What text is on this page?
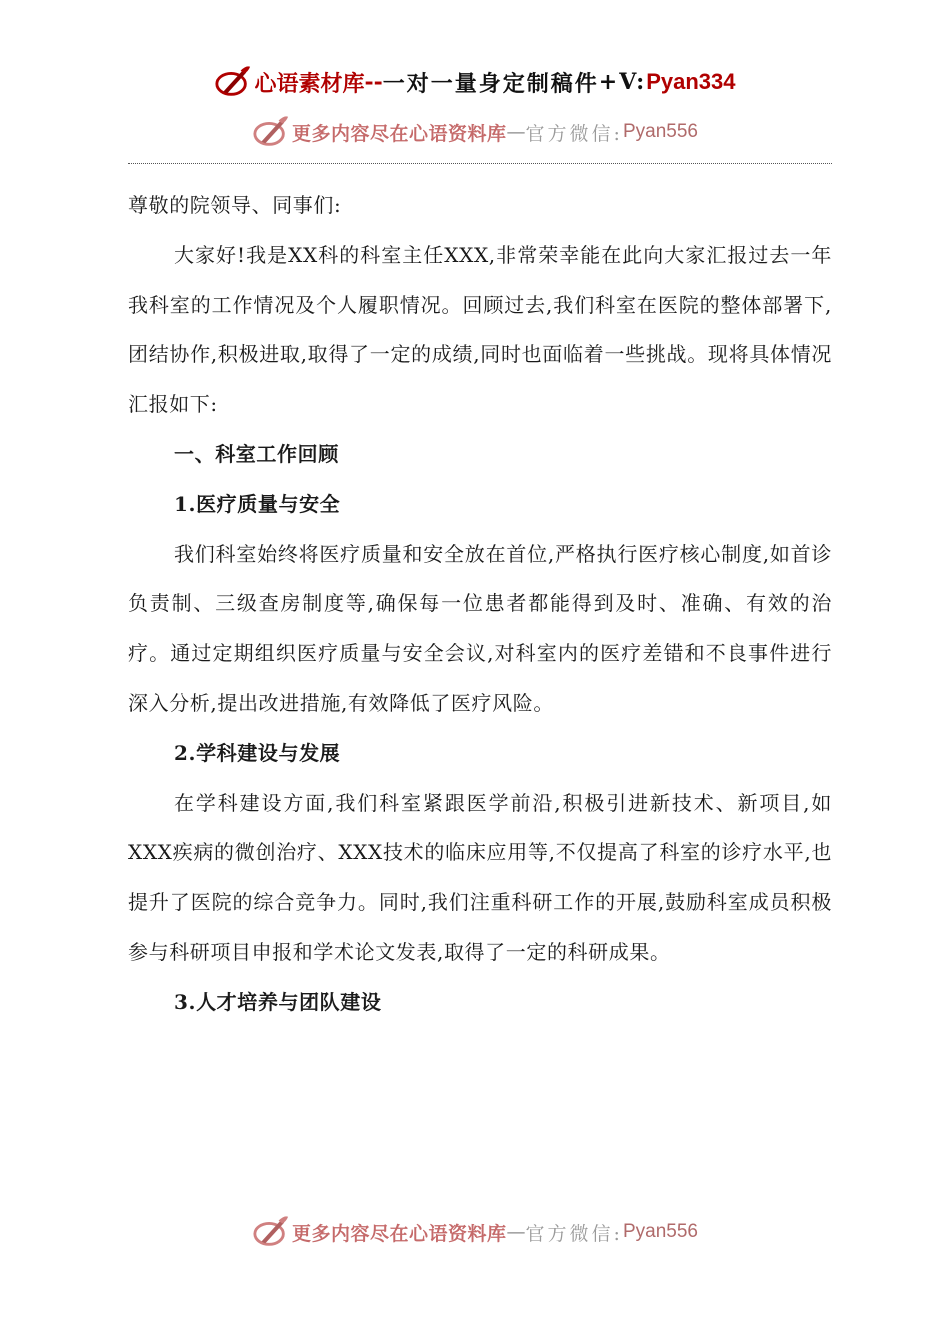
心语素材库 -- 一对一量身定制稿件 +V: Pyan334
更多内容尽在心语资料库 — 官方微信: Pyan556

尊敬的院领导、同事们:

大家好!我是XX科的科室主任XXX,非常荣幸能在此向大家汇报过去一年我科室的工作情况及个人履职情况。回顾过去,我们科室在医院的整体部署下,团结协作,积极进取,取得了一定的成绩,同时也面临着一些挑战。现将具体情况汇报如下:

一、科室工作回顾

1.医疗质量与安全

我们科室始终将医疗质量和安全放在首位,严格执行医疗核心制度,如首诊负责制、三级查房制度等,确保每一位患者都能得到及时、准确、有效的治疗。通过定期组织医疗质量与安全会议,对科室内的医疗差错和不良事件进行深入分析,提出改进措施,有效降低了医疗风险。

2.学科建设与发展

在学科建设方面,我们科室紧跟医学前沿,积极引进新技术、新项目,如XXX疾病的微创治疗、XXX技术的临床应用等,不仅提高了科室的诊疗水平,也提升了医院的综合竞争力。同时,我们注重科研工作的开展,鼓励科室成员积极参与科研项目申报和学术论文发表,取得了一定的科研成果。

3.人才培养与团队建设

更多内容尽在心语资料库 — 官方微信: Pyan556
